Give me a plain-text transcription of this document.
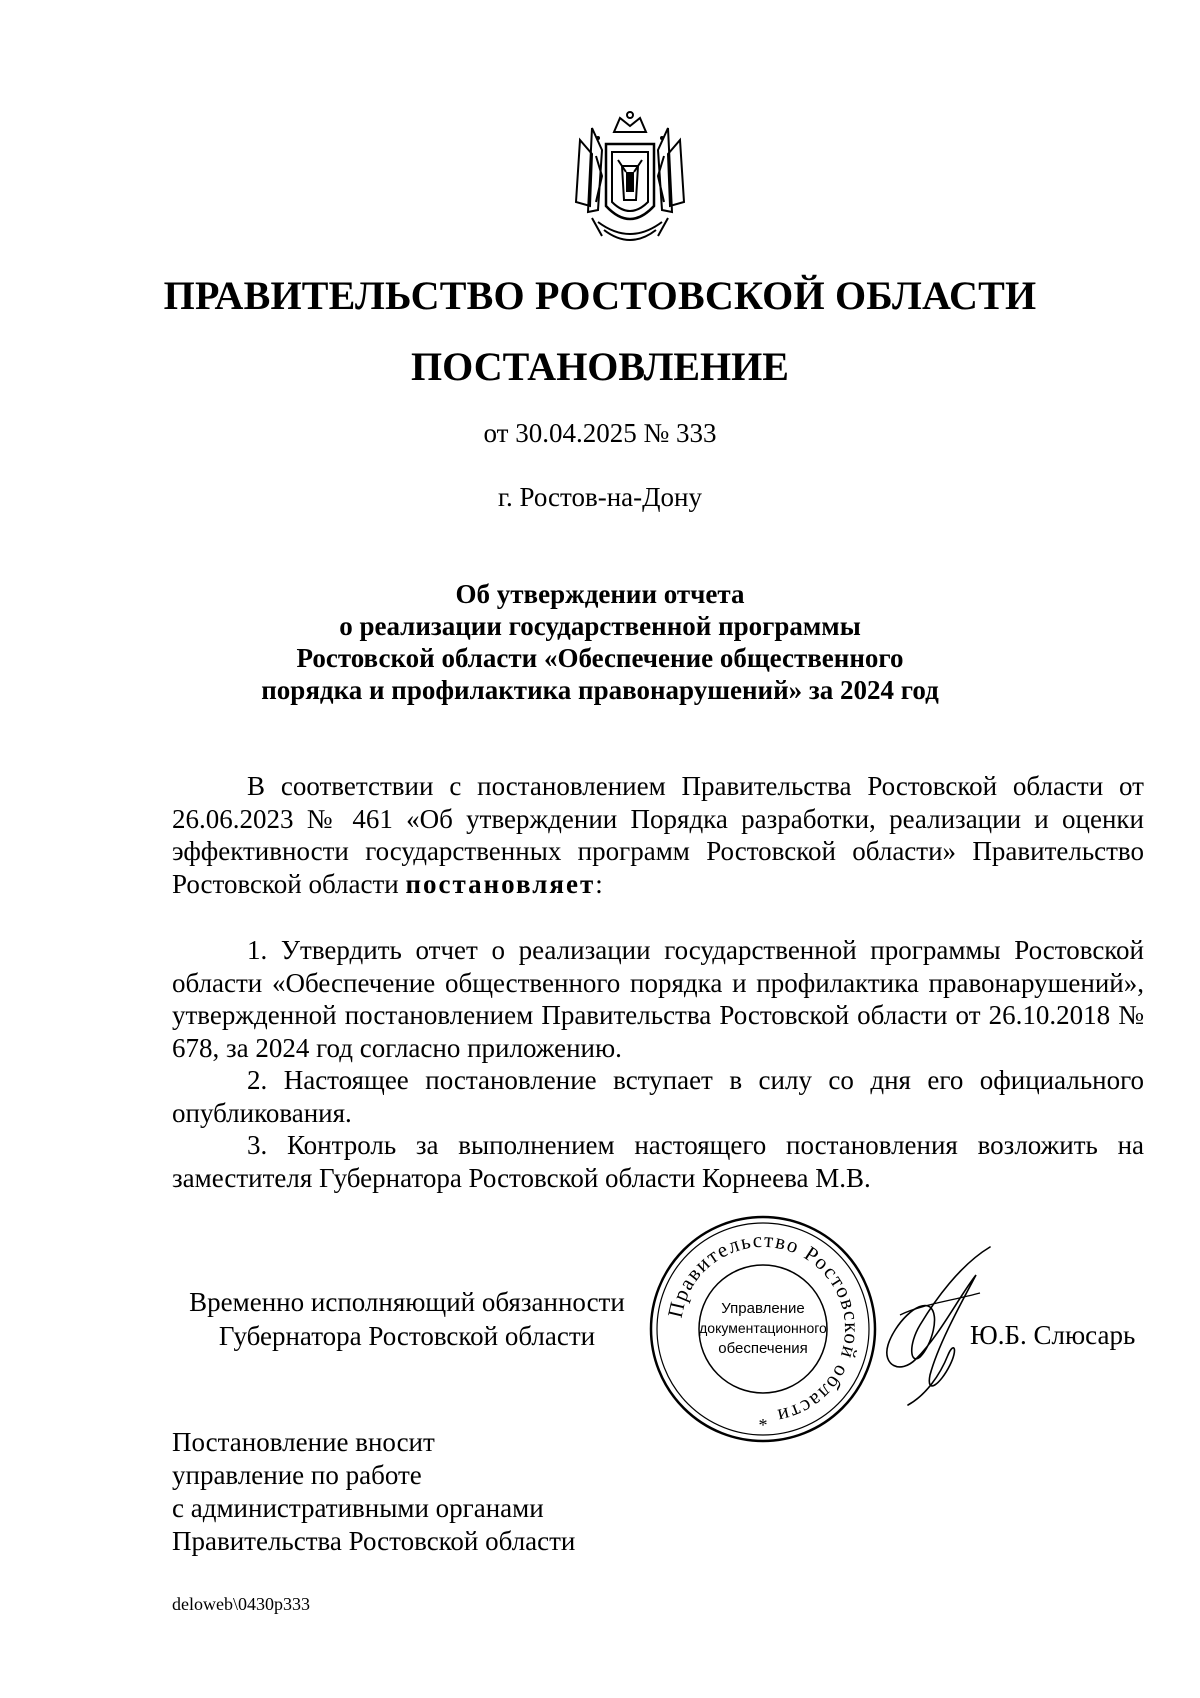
ПРАВИТЕЛЬСТВО РОСТОВСКОЙ ОБЛАСТИ
ПОСТАНОВЛЕНИЕ
от 30.04.2025 № 333
г. Ростов-на-Дону
Об утверждении отчета
о реализации государственной программы
Ростовской области «Обеспечение общественного
порядка и профилактика правонарушений» за 2024 год

В соответствии с постановлением Правительства Ростовской области от 26.06.2023 № 461 «Об утверждении Порядка разработки, реализации и оценки эффективности государственных программ Ростовской области» Правительство Ростовской области постановляет:

1. Утвердить отчет о реализации государственной программы Ростовской области «Обеспечение общественного порядка и профилактика правонарушений», утвержденной постановлением Правительства Ростовской области от 26.10.2018 № 678, за 2024 год согласно приложению.

2. Настоящее постановление вступает в силу со дня его официального опубликования.

3. Контроль за выполнением настоящего постановления возложить на заместителя Губернатора Ростовской области Корнеева М.В.

Временно исполняющий обязанности
Губернатора Ростовской области
Правительство Ростовской области
Управление
документационного
обеспечения
*
Ю.Б. Слюсарь
Постановление вносит
управление по работе
с административными органами
Правительства Ростовской области
deloweb\0430p333
